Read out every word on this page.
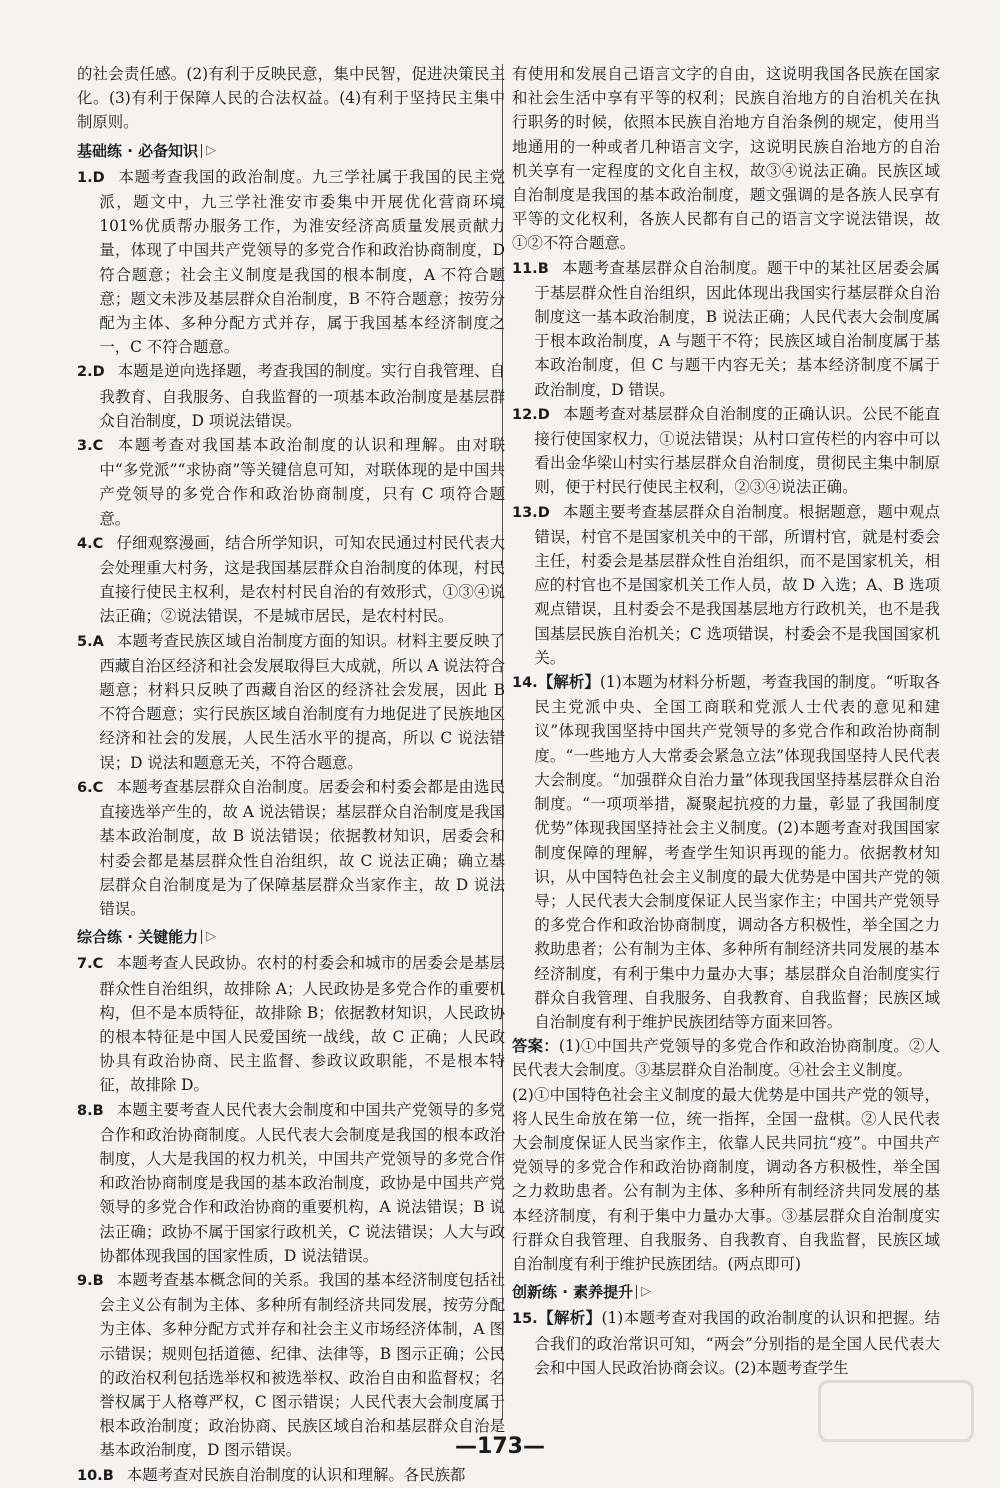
的社会责任感。(2)有利于反映民意，集中民智，促进决策民主化。(3)有利于保障人民的合法权益。(4)有利于坚持民主集中制原则。

基础练 · 必备知识 ▷

1.D 本题考查我国的政治制度。九三学社属于我国的民主党派，题文中，九三学社淮安市委集中开展优化营商环境 101%优质帮办服务工作，为淮安经济高质量发展贡献力量，体现了中国共产党领导的多党合作和政治协商制度，D符合题意；社会主义制度是我国的根本制度，A 不符合题意；题文未涉及基层群众自治制度，B 不符合题意；按劳分配为主体、多种分配方式并存，属于我国基本经济制度之一，C 不符合题意。

2.D 本题是逆向选择题，考查我国的制度。实行自我管理、自我教育、自我服务、自我监督的一项基本政治制度是基层群众自治制度，D 项说法错误。

3.C 本题考查对我国基本政治制度的认识和理解。由对联中“多党派”“求协商”等关键信息可知，对联体现的是中国共产党领导的多党合作和政治协商制度，只有 C 项符合题意。

4.C 仔细观察漫画，结合所学知识，可知农民通过村民代表大会处理重大村务，这是我国基层群众自治制度的体现，村民直接行使民主权利，是农村村民自治的有效形式，①③④说法正确；②说法错误，不是城市居民，是农村村民。

5.A 本题考查民族区域自治制度方面的知识。材料主要反映了西藏自治区经济和社会发展取得巨大成就，所以 A 说法符合题意；材料只反映了西藏自治区的经济社会发展，因此 B 不符合题意；实行民族区域自治制度有力地促进了民族地区经济和社会的发展，人民生活水平的提高，所以 C 说法错误；D 说法和题意无关，不符合题意。

6.C 本题考查基层群众自治制度。居委会和村委会都是由选民直接选举产生的，故 A 说法错误；基层群众自治制度是我国基本政治制度，故 B 说法错误；依据教材知识，居委会和村委会都是基层群众性自治组织，故 C 说法正确；确立基层群众自治制度是为了保障基层群众当家作主，故 D 说法错误。

综合练 · 关键能力 ▷

7.C 本题考查人民政协。农村的村委会和城市的居委会是基层群众性自治组织，故排除 A；人民政协是多党合作的重要机构，但不是本质特征，故排除 B；依据教材知识，人民政协的根本特征是中国人民爱国统一战线，故 C 正确；人民政协具有政治协商、民主监督、参政议政职能，不是根本特征，故排除 D。

8.B 本题主要考查人民代表大会制度和中国共产党领导的多党合作和政治协商制度。人民代表大会制度是我国的根本政治制度，人大是我国的权力机关，中国共产党领导的多党合作和政治协商制度是我国的基本政治制度，政协是中国共产党领导的多党合作和政治协商的重要机构，A 说法错误；B 说法正确；政协不属于国家行政机关，C 说法错误；人大与政协都体现我国的国家性质，D 说法错误。

9.B 本题考查基本概念间的关系。我国的基本经济制度包括社会主义公有制为主体、多种所有制经济共同发展，按劳分配为主体、多种分配方式并存和社会主义市场经济体制，A 图示错误；规则包括道德、纪律、法律等，B 图示正确；公民的政治权利包括选举权和被选举权、政治自由和监督权；名誉权属于人格尊严权，C 图示错误；人民代表大会制度属于根本政治制度；政治协商、民族区域自治和基层群众自治是基本政治制度，D 图示错误。

10.B 本题考查对民族自治制度的认识和理解。各民族都

有使用和发展自己语言文字的自由，这说明我国各民族在国家和社会生活中享有平等的权利；民族自治地方的自治机关在执行职务的时候，依照本民族自治地方自治条例的规定，使用当地通用的一种或者几种语言文字，这说明民族自治地方的自治机关享有一定程度的文化自主权，故③④说法正确。民族区域自治制度是我国的基本政治制度，题文强调的是各族人民享有平等的文化权利，各族人民都有自己的语言文字说法错误，故①②不符合题意。

11.B 本题考查基层群众自治制度。题干中的某社区居委会属于基层群众性自治组织，因此体现出我国实行基层群众自治制度这一基本政治制度，B 说法正确；人民代表大会制度属于根本政治制度，A 与题干不符；民族区域自治制度属于基本政治制度，但 C 与题干内容无关；基本经济制度不属于政治制度，D 错误。

12.D 本题考查对基层群众自治制度的正确认识。公民不能直接行使国家权力，①说法错误；从村口宣传栏的内容中可以看出金华梁山村实行基层群众自治制度，贯彻民主集中制原则，便于村民行使民主权利，②③④说法正确。

13.D 本题主要考查基层群众自治制度。根据题意，题中观点错误，村官不是国家机关中的干部，所谓村官，就是村委会主任，村委会是基层群众性自治组织，而不是国家机关，相应的村官也不是国家机关工作人员，故 D 入选；A、B 选项观点错误，且村委会不是我国基层地方行政机关，也不是我国基层民族自治机关；C 选项错误，村委会不是我国国家机关。

14.【解析】(1)本题为材料分析题，考查我国的制度。“听取各民主党派中央、全国工商联和党派人士代表的意见和建议”体现我国坚持中国共产党领导的多党合作和政治协商制度。“一些地方人大常委会紧急立法”体现我国坚持人民代表大会制度。“加强群众自治力量”体现我国坚持基层群众自治制度。“一项项举措，凝聚起抗疫的力量，彰显了我国制度优势”体现我国坚持社会主义制度。(2)本题考查对我国国家制度保障的理解，考查学生知识再现的能力。依据教材知识，从中国特色社会主义制度的最大优势是中国共产党的领导；人民代表大会制度保证人民当家作主；中国共产党领导的多党合作和政治协商制度，调动各方积极性，举全国之力救助患者；公有制为主体、多种所有制经济共同发展的基本经济制度，有利于集中力量办大事；基层群众自治制度实行群众自我管理、自我服务、自我教育、自我监督；民族区域自治制度有利于维护民族团结等方面来回答。

答案：(1)①中国共产党领导的多党合作和政治协商制度。②人民代表大会制度。③基层群众自治制度。④社会主义制度。

(2)①中国特色社会主义制度的最大优势是中国共产党的领导，将人民生命放在第一位，统一指挥，全国一盘棋。②人民代表大会制度保证人民当家作主，依靠人民共同抗“疫”。中国共产党领导的多党合作和政治协商制度，调动各方积极性，举全国之力救助患者。公有制为主体、多种所有制经济共同发展的基本经济制度，有利于集中力量办大事。③基层群众自治制度实行群众自我管理、自我服务、自我教育、自我监督，民族区域自治制度有利于维护民族团结。(两点即可)

创新练 · 素养提升 ▷

15.【解析】(1)本题考查对我国的政治制度的认识和把握。结合我们的政治常识可知，“两会”分别指的是全国人民代表大会和中国人民政治协商会议。(2)本题考查学生

—173—
